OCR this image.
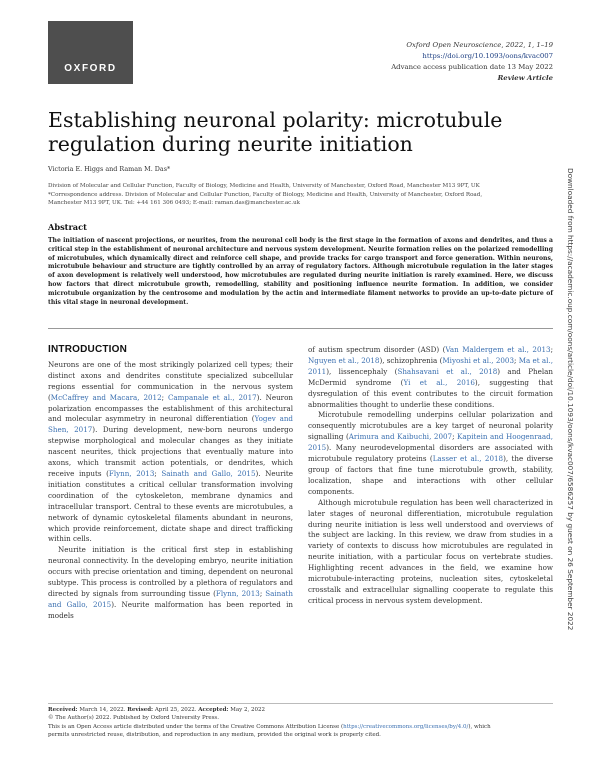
OXFORD
Oxford Open Neuroscience, 2022, 1, 1–19
https://doi.org/10.1093/oons/kvac007
Advance access publication date 13 May 2022
Review Article
Establishing neuronal polarity: microtubule regulation during neurite initiation
Victoria E. Higgs and Raman M. Das*
Division of Molecular and Cellular Function, Faculty of Biology, Medicine and Health, University of Manchester, Oxford Road, Manchester M13 9PT, UK
*Correspondence address. Division of Molecular and Cellular Function, Faculty of Biology, Medicine and Health, University of Manchester, Oxford Road,
Manchester M13 9PT, UK. Tel: +44 161 306 0493; E-mail: raman.das@manchester.ac.uk
Abstract
The initiation of nascent projections, or neurites, from the neuronal cell body is the first stage in the formation of axons and dendrites, and thus a critical step in the establishment of neuronal architecture and nervous system development. Neurite formation relies on the polarized remodelling of microtubules, which dynamically direct and reinforce cell shape, and provide tracks for cargo transport and force generation. Within neurons, microtubule behaviour and structure are tightly controlled by an array of regulatory factors. Although microtubule regulation in the later stages of axon development is relatively well understood, how microtubules are regulated during neurite initiation is rarely examined. Here, we discuss how factors that direct microtubule growth, remodelling, stability and positioning influence neurite formation. In addition, we consider microtubule organization by the centrosome and modulation by the actin and intermediate filament networks to provide an up-to-date picture of this vital stage in neuronal development.
INTRODUCTION

Neurons are one of the most strikingly polarized cell types; their distinct axons and dendrites constitute specialized subcellular regions essential for communication in the nervous system (McCaffrey and Macara, 2012; Campanale et al., 2017). Neuron polarization encompasses the establishment of this architectural and molecular asymmetry in neuronal differentiation (Yogev and Shen, 2017). During development, new-born neurons undergo stepwise morphological and molecular changes as they initiate nascent neurites, thick projections that eventually mature into axons, which transmit action potentials, or dendrites, which receive inputs (Flynn, 2013; Sainath and Gallo, 2015). Neurite initiation constitutes a critical cellular transformation involving coordination of the cytoskeleton, membrane dynamics and intracellular transport. Central to these events are microtubules, a network of dynamic cytoskeletal filaments abundant in neurons, which provide reinforcement, dictate shape and direct trafficking within cells.

Neurite initiation is the critical first step in establishing neuronal connectivity. In the developing embryo, neurite initiation occurs with precise orientation and timing, dependent on neuronal subtype. This process is controlled by a plethora of regulators and directed by signals from surrounding tissue (Flynn, 2013; Sainath and Gallo, 2015). Neurite malformation has been reported in models

of autism spectrum disorder (ASD) (Van Maldergem et al., 2013; Nguyen et al., 2018), schizophrenia (Miyoshi et al., 2003; Ma et al., 2011), lissencephaly (Shahsavani et al., 2018) and Phelan McDermid syndrome (Yi et al., 2016), suggesting that dysregulation of this event contributes to the circuit formation abnormalities thought to underlie these conditions.

Microtubule remodelling underpins cellular polarization and consequently microtubules are a key target of neuronal polarity signalling (Arimura and Kaibuchi, 2007; Kapitein and Hoogenraad, 2015). Many neurodevelopmental disorders are associated with microtubule regulatory proteins (Lasser et al., 2018), the diverse group of factors that fine tune microtubule growth, stability, localization, shape and interactions with other cellular components.

Although microtubule regulation has been well characterized in later stages of neuronal differentiation, microtubule regulation during neurite initiation is less well understood and overviews of the subject are lacking. In this review, we draw from studies in a variety of contexts to discuss how microtubules are regulated in neurite initiation, with a particular focus on vertebrate studies. Highlighting recent advances in the field, we examine how microtubule-interacting proteins, nucleation sites, cytoskeletal crosstalk and extracellular signalling cooperate to regulate this critical process in nervous system development.

Received: March 14, 2022. Revised: April 25, 2022. Accepted: May 2, 2022
© The Author(s) 2022. Published by Oxford University Press.
This is an Open Access article distributed under the terms of the Creative Commons Attribution License (https://creativecommons.org/licenses/by/4.0/), which
permits unrestricted reuse, distribution, and reproduction in any medium, provided the original work is properly cited.
Downloaded from https://academic.oup.com/oons/article/doi/10.1093/oons/kvac007/6586257 by guest on 26 September 2022
